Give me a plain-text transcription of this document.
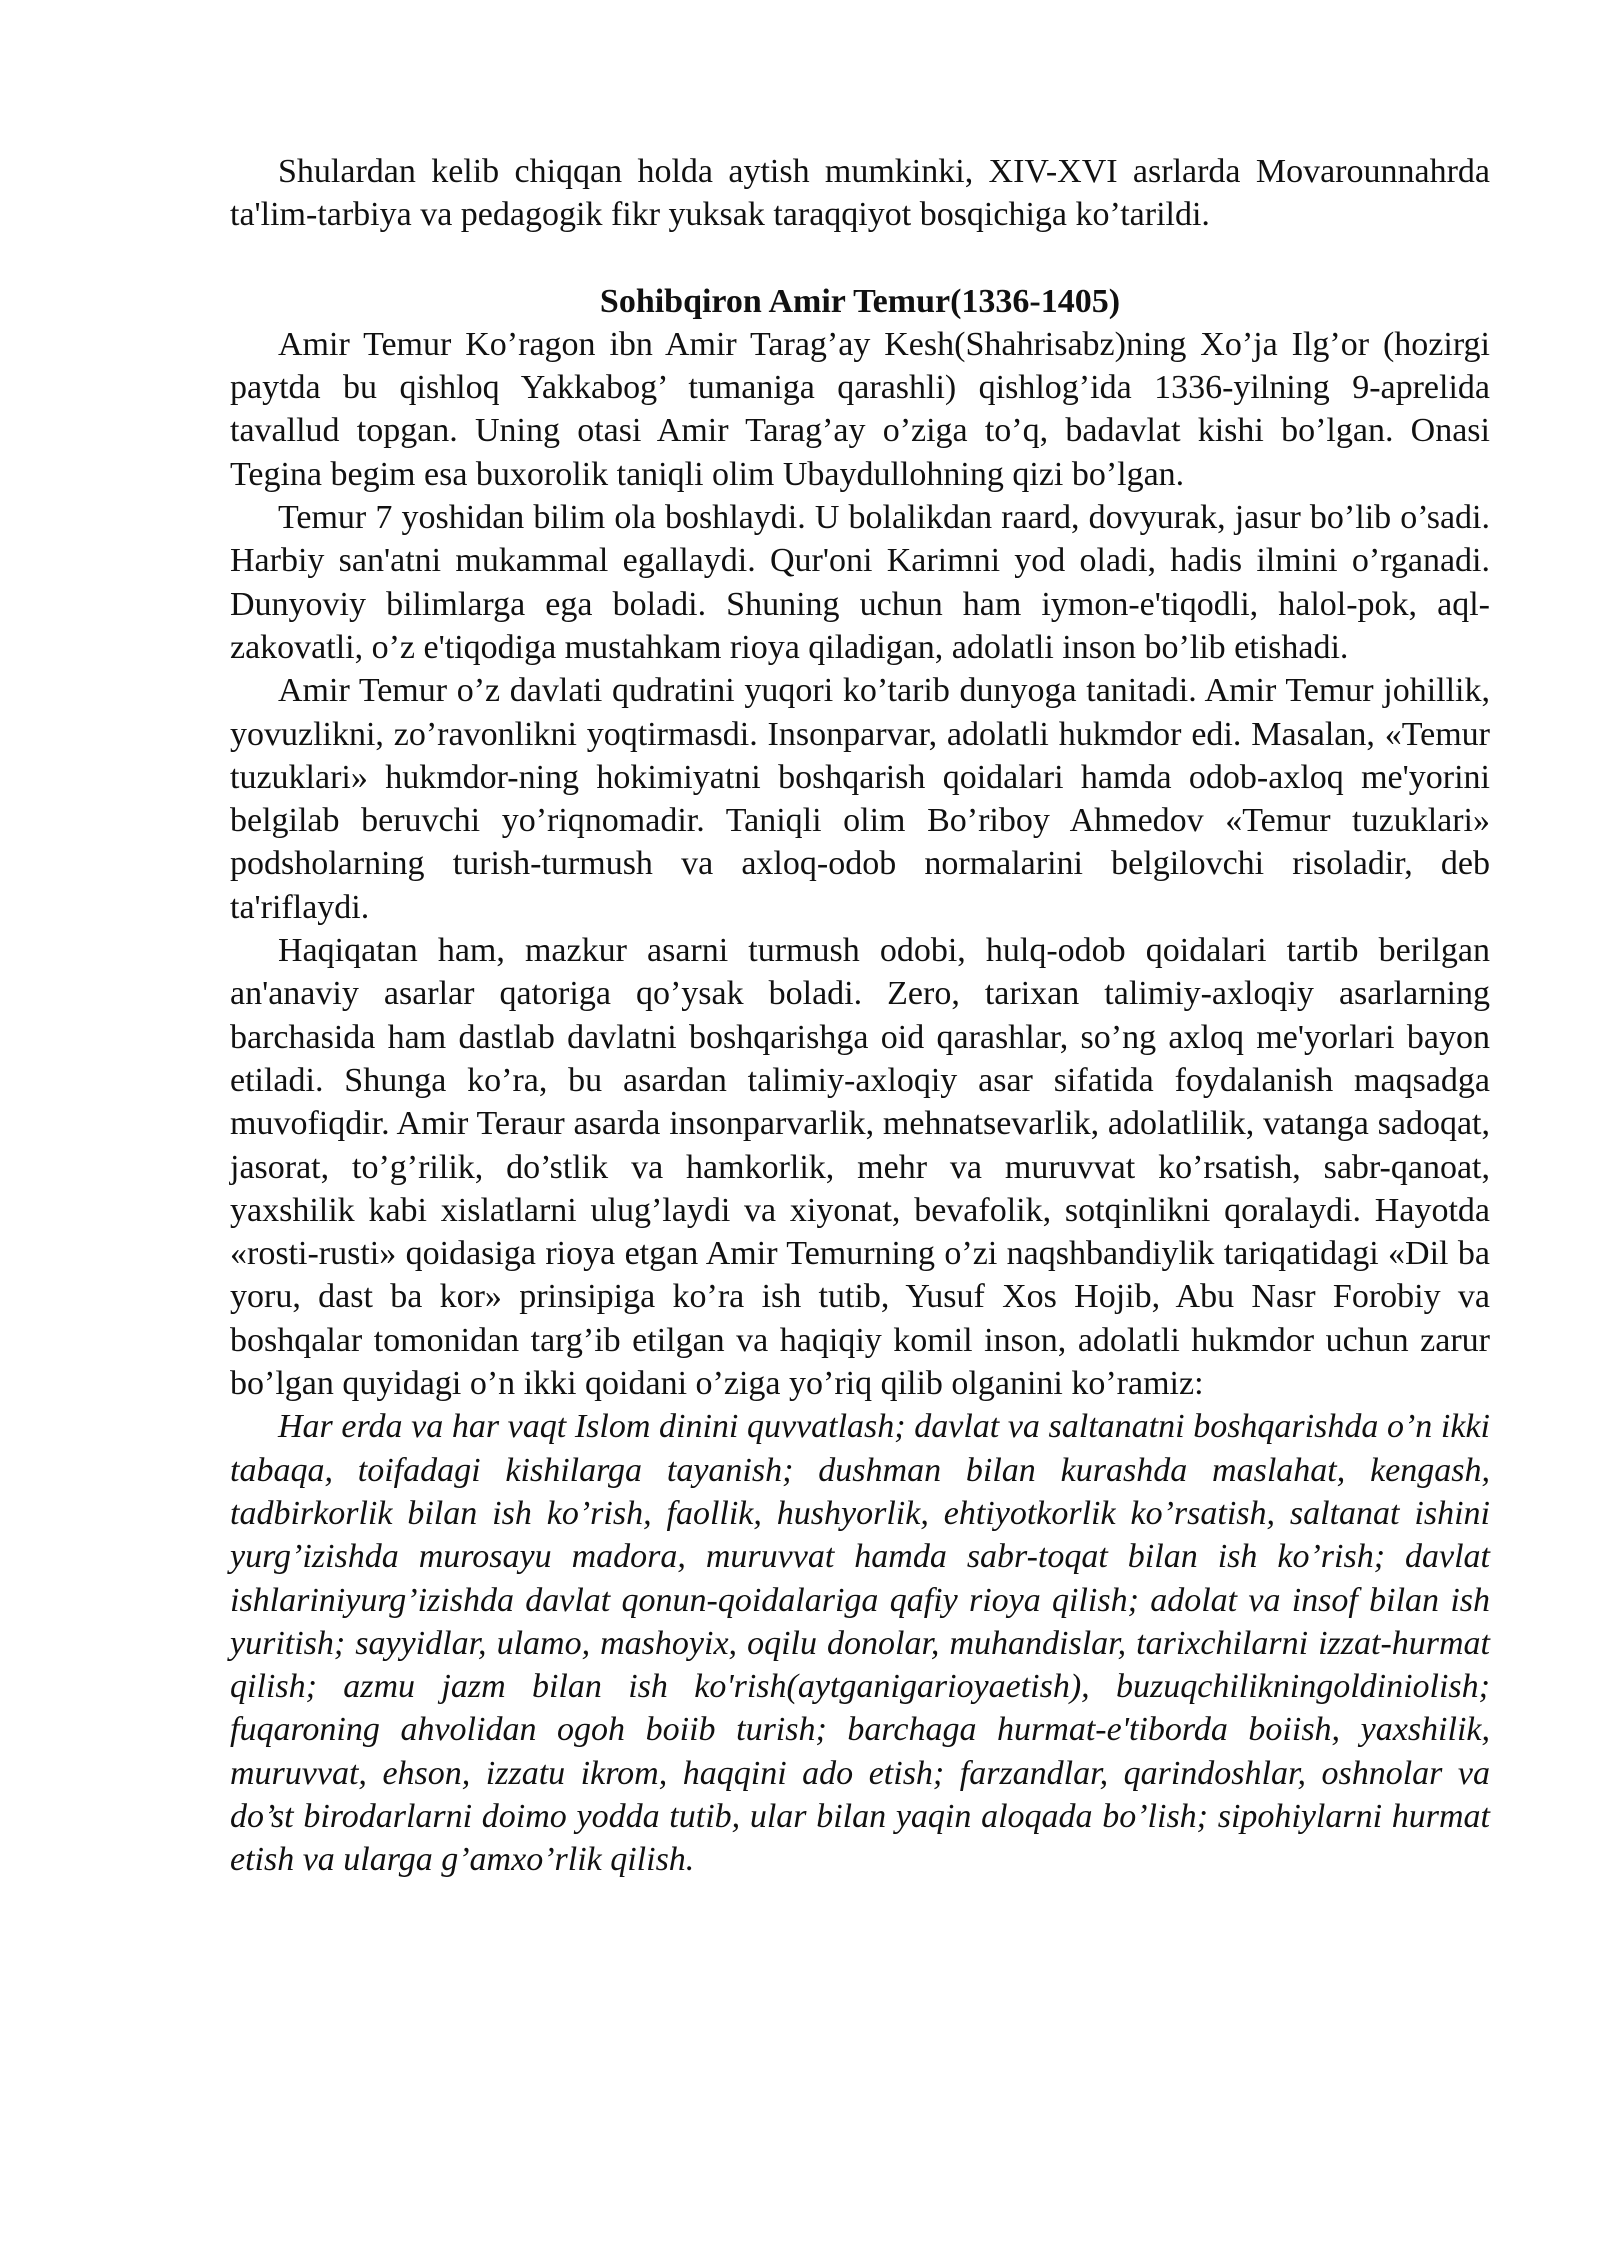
Shulardan kelib chiqqan holda aytish mumkinki, XIV-XVI asrlarda Movarounnahrda ta'lim-tarbiya va pedagogik fikr yuksak taraqqiyot bosqichiga ko’tarildi.

Sohibqiron Amir Temur(1336-1405)

Amir Temur Ko’ragon ibn Amir Tarag’ay Kesh(Shahrisabz)ning Xo’ja Ilg’or (hozirgi paytda bu qishloq Yakkabog’ tumaniga qarashli) qishlog’ida 1336-yilning 9-aprelida tavallud topgan. Uning otasi Amir Tarag’ay o’ziga to’q, badavlat kishi bo’lgan. Onasi Tegina begim esa buxorolik taniqli olim Ubaydullohning qizi bo’lgan.

Temur 7 yoshidan bilim ola boshlaydi. U bolalikdan raard, dovyurak, jasur bo’lib o’sadi. Harbiy san'atni mukammal egallaydi. Qur'oni Karimni yod oladi, hadis ilmini o’rganadi. Dunyoviy bilimlarga ega boladi. Shuning uchun ham iymon-e'tiqodli, halol-pok, aql-zakovatli, o’z e'tiqodiga mustahkam rioya qiladigan, adolatli inson bo’lib etishadi.

Amir Temur o’z davlati qudratini yuqori ko’tarib dunyoga tanitadi. Amir Temur johillik, yovuzlikni, zo’ravonlikni yoqtirmasdi. Insonparvar, adolatli hukmdor edi. Masalan, «Temur tuzuklari» hukmdor-ning hokimiyatni boshqarish qoidalari hamda odob-axloq me'yorini belgilab beruvchi yo’riqnomadir. Taniqli olim Bo’riboy Ahmedov «Temur tuzuklari» podsholarning turish-turmush va axloq-odob normalarini belgilovchi risoladir, deb ta'riflaydi.

Haqiqatan ham, mazkur asarni turmush odobi, hulq-odob qoidalari tartib berilgan an'anaviy asarlar qatoriga qo’ysak boladi. Zero, tarixan talimiy-axloqiy asarlarning barchasida ham dastlab davlatni boshqarishga oid qarashlar, so’ng axloq me'yorlari bayon etiladi. Shunga ko’ra, bu asardan talimiy-axloqiy asar sifatida foydalanish maqsadga muvofiqdir. Amir Teraur asarda insonparvarlik, mehnatsevarlik, adolatlilik, vatanga sadoqat, jasorat, to’g’rilik, do’stlik va hamkorlik, mehr va muruvvat ko’rsatish, sabr-qanoat, yaxshilik kabi xislatlarni ulug’laydi va xiyonat, bevafolik, sotqinlikni qoralaydi. Hayotda «rosti-rusti» qoidasiga rioya etgan Amir Temurning o’zi naqshbandiylik tariqatidagi «Dil ba yoru, dast ba kor» prinsipiga ko’ra ish tutib, Yusuf Xos Hojib, Abu Nasr Forobiy va boshqalar tomonidan targ’ib etilgan va haqiqiy komil inson, adolatli hukmdor uchun zarur bo’lgan quyidagi o’n ikki qoidani o’ziga yo’riq qilib olganini ko’ramiz:

Har erda va har vaqt Islom dinini quvvatlash; davlat va saltanatni boshqarishda o’n ikki tabaqa, toifadagi kishilarga tayanish; dushman bilan kurashda maslahat, kengash, tadbirkorlik bilan ish ko’rish, faollik, hushyorlik, ehtiyotkorlik ko’rsatish, saltanat ishini yurg’izishda murosayu madora, muruvvat hamda sabr-toqat bilan ish ko’rish; davlat ishlariniyurg’izishda davlat qonun-qoidalariga qafiy rioya qilish; adolat va insof bilan ish yuritish; sayyidlar, ulamo, mashoyix, oqilu donolar, muhandislar, tarixchilarni izzat-hurmat qilish; azmu jazm bilan ish ko'rish(aytganigarioyaetish), buzuqchilikningoldiniolish; fuqaroning ahvolidan ogoh boiib turish; barchaga hurmat-e'tiborda boiish, yaxshilik, muruvvat, ehson, izzatu ikrom, haqqini ado etish; farzandlar, qarindoshlar, oshnolar va do’st birodarlarni doimo yodda tutib, ular bilan yaqin aloqada bo’lish; sipohiylarni hurmat etish va ularga g’amxo’rlik qilish.
